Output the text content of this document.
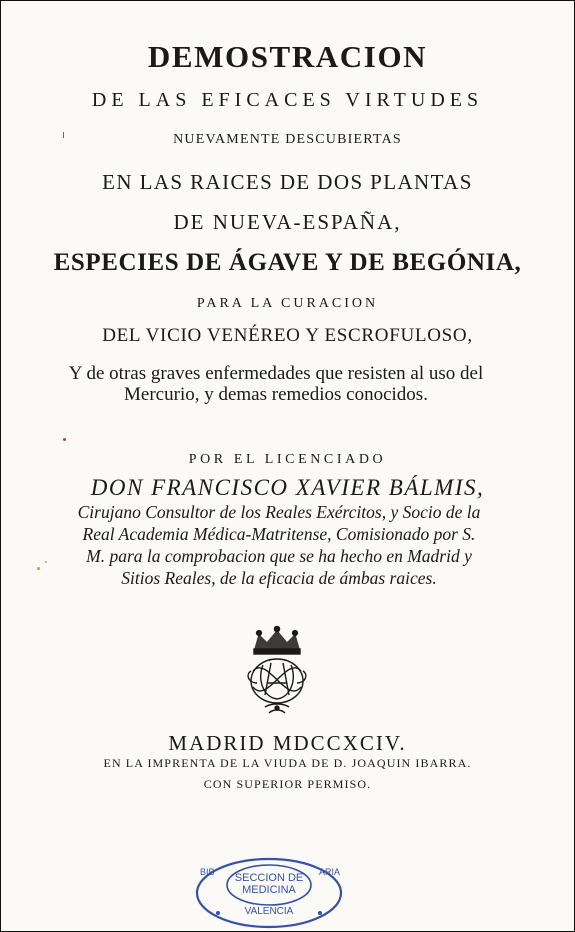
DEMOSTRACION
DE LAS EFICACES VIRTUDES
NUEVAMENTE DESCUBIERTAS
EN LAS RAICES DE DOS PLANTAS
DE NUEVA-ESPAÑA,
ESPECIES DE ÁGAVE Y DE BEGÓNIA,
PARA LA CURACION
DEL VICIO VENÉREO Y ESCROFULOSO,
Y de otras graves enfermedades que resisten al uso del Mercurio, y demas remedios conocidos.
POR EL LICENCIADO
DON FRANCISCO XAVIER BÁLMIS,
Cirujano Consultor de los Reales Exércitos, y Socio de la Real Academia Médica-Matritense, Comisionado por S. M. para la comprobacion que se ha hecho en Madrid y Sitios Reales, de la eficacia de ámbas raices.
MADRID MDCCXCIV.
EN LA IMPRENTA DE LA VIUDA DE D. JOAQUIN IBARRA.
CON SUPERIOR PERMISO.
BIB	ARIA
SECCION DE
MEDICINA
VALENCIA
